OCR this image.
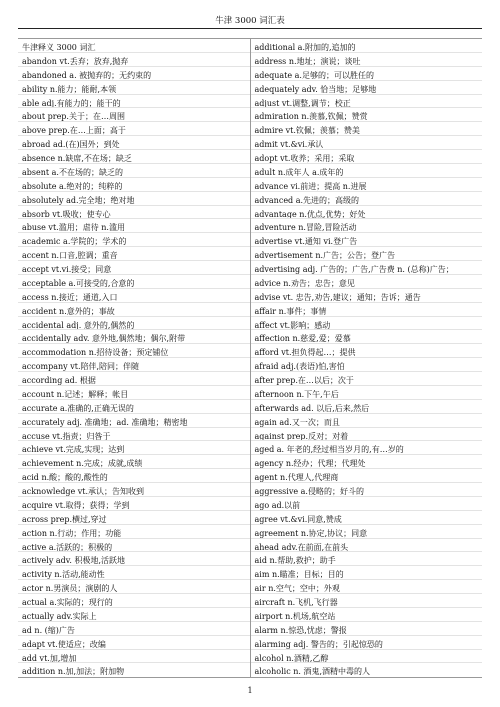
牛津 3000 词汇表
牛津释义 3000 词汇
abandon vt.丢弃；放弃,抛弃
abandoned a. 被抛弃的；无约束的
ability n.能力；能耐,本领
able adj.有能力的；能干的
about prep.关于；在…周围
above prep.在…上面；高于
abroad ad.(在)国外；到处
absence n.缺席,不在场；缺乏
absent a.不在场的；缺乏的
absolute a.绝对的；纯粹的
absolutely ad.完全地；绝对地
absorb vt.吸收；使专心
abuse vt.滥用；虐待 n.滥用
academic a.学院的；学术的
accent n.口音,腔调；重音
accept vt.vi.接受；同意
acceptable a.可接受的,合意的
access n.接近；通道,入口
accident n.意外的；事故
accidental adj. 意外的,偶然的
accidentally adv. 意外地,偶然地；偶尔,附带
accommodation n.招待设备；预定铺位
accompany vt.陪伴,陪同；伴随
according ad. 根据
account n.记述；解释；帐目
accurate a.准确的,正确无误的
accurately adj. 准确地；ad. 准确地；精密地
accuse vt.指责；归咎于
achieve vt.完成,实现；达到
achievement n.完成；成就,成绩
acid n.酸；酸的,酸性的
acknowledge vt.承认；告知收到
acquire vt.取得；获得；学到
across prep.横过,穿过
action n.行动；作用；功能
active a.活跃的；积极的
actively adv. 积极地,活跃地
activity n.活动,能动性
actor n.男演员；演剧的人
actual a.实际的；现行的
actually adv.实际上
ad n. (缩)广告
adapt vt.使适应；改编
add vt.加,增加
addition n.加,加法；附加物
additional a.附加的,追加的
address n.地址；演说；谈吐
adequate a.足够的；可以胜任的
adequately adv. 恰当地；足够地
adjust vt.调整,调节；校正
admiration n.羡慕,钦佩；赞赏
admire vt.钦佩；羡慕；赞美
admit vt.&vi.承认
adopt vt.收养；采用；采取
adult n.成年人 a.成年的
advance vi.前进；提高 n.进展
advanced a.先进的；高级的
advantage n.优点,优势；好处
adventure n.冒险,冒险活动
advertise vt.通知 vi.登广告
advertisement n.广告；公告；登广告
advertising adj. 广告的；广告,广告费 n. (总称)广告；
advice n.劝告；忠告；意见
advise vt. 忠告,劝告,建议；通知；告诉；通告
affair n.事件；事情
affect vt.影响；感动
affection n.慈爱,爱；爱慕
afford vt.担负得起…；提供
afraid adj.(表语)怕,害怕
after prep.在…以后；次于
afternoon n.下午,午后
afterwards ad. 以后,后来,然后
again ad.又一次；而且
against prep.反对；对着
aged a. 年老的,经过相当岁月的,有…岁的
agency n.经办；代理；代理处
agent n.代理人,代理商
aggressive a.侵略的；好斗的
ago ad.以前
agree vt.&vi.同意,赞成
agreement n.协定,协议；同意
ahead adv.在前面,在前头
aid n.帮助,救护；助手
aim n.瞄准；目标；目的
air n.空气；空中；外观
aircraft n.飞机,飞行器
airport n.机场,航空站
alarm n.惊恐,忧虑；警报
alarming adj. 警告的；引起惊恐的
alcohol n.酒精,乙醇
alcoholic n. 酒鬼,酒精中毒的人
1
